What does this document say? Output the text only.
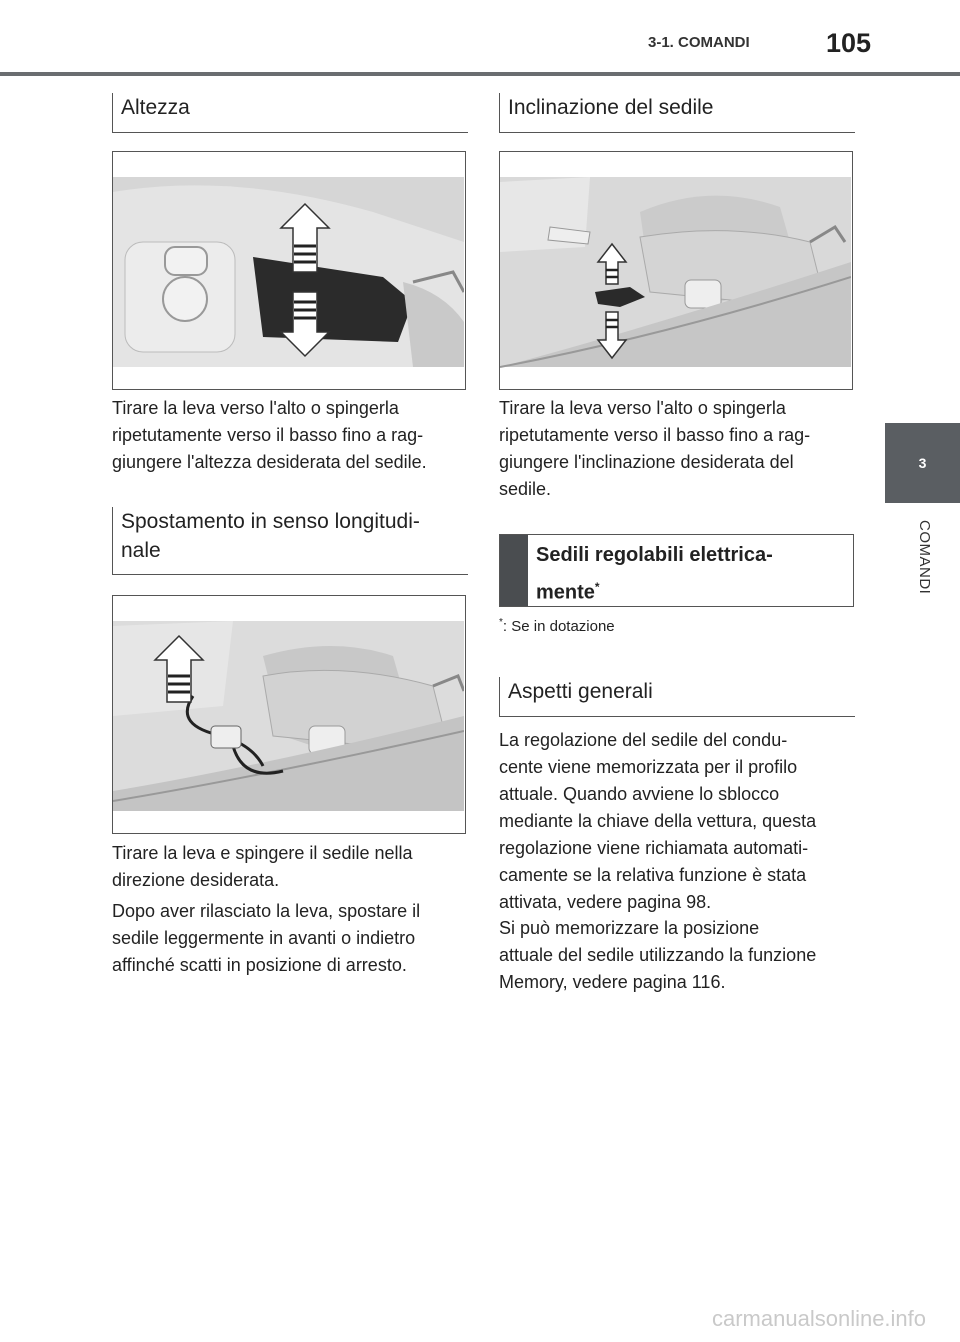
3-1. COMANDI	105
3
COMANDI
Altezza
Tirare la leva verso l'alto o spingerla
ripetutamente verso il basso fino a rag-
giungere l'altezza desiderata del sedile.
Spostamento in senso longitudi-
nale
Tirare la leva e spingere il sedile nella
direzione desiderata.
Dopo aver rilasciato la leva, spostare il
sedile leggermente in avanti o indietro
affinché scatti in posizione di arresto.
Inclinazione del sedile
Tirare la leva verso l'alto o spingerla
ripetutamente verso il basso fino a rag-
giungere l'inclinazione desiderata del
sedile.
Sedili regolabili elettrica-
mente*
*: Se in dotazione
Aspetti generali
La regolazione del sedile del condu-
cente viene memorizzata per il profilo
attuale. Quando avviene lo sblocco
mediante la chiave della vettura, questa
regolazione viene richiamata automati-
camente se la relativa funzione è stata
attivata, vedere pagina 98.
Si può memorizzare la posizione
attuale del sedile utilizzando la funzione
Memory, vedere pagina 116.
carmanualsonline.info
